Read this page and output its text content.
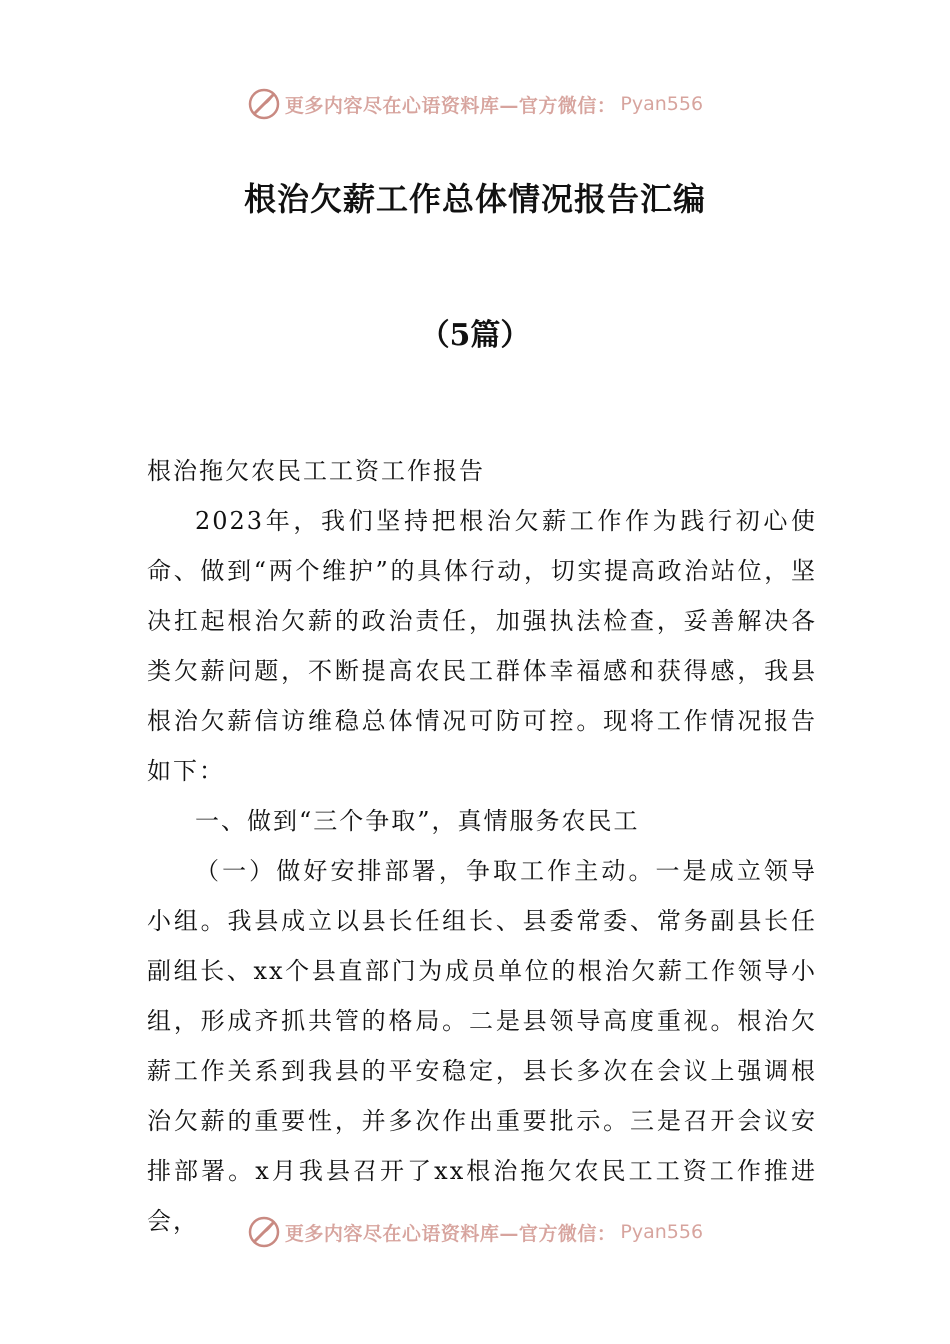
更多内容尽在心语资料库—官方微信： Pyan556
根治欠薪工作总体情况报告汇编
（5篇）

根治拖欠农民工工资工作报告

2023年，我们坚持把根治欠薪工作作为践行初心使命、做到“两个维护”的具体行动，切实提高政治站位，坚决扛起根治欠薪的政治责任，加强执法检查，妥善解决各类欠薪问题，不断提高农民工群体幸福感和获得感，我县根治欠薪信访维稳总体情况可防可控。现将工作情况报告如下：

一、做到“三个争取”，真情服务农民工

（一）做好安排部署，争取工作主动。一是成立领导小组。我县成立以县长任组长、县委常委、常务副县长任副组长、xx个县直部门为成员单位的根治欠薪工作领导小组，形成齐抓共管的格局。二是县领导高度重视。根治欠薪工作关系到我县的平安稳定，县长多次在会议上强调根治欠薪的重要性，并多次作出重要批示。三是召开会议安排部署。x月我县召开了xx根治拖欠农民工工资工作推进会，	更多内容尽在心语资料库—官方微信： Pyan556
